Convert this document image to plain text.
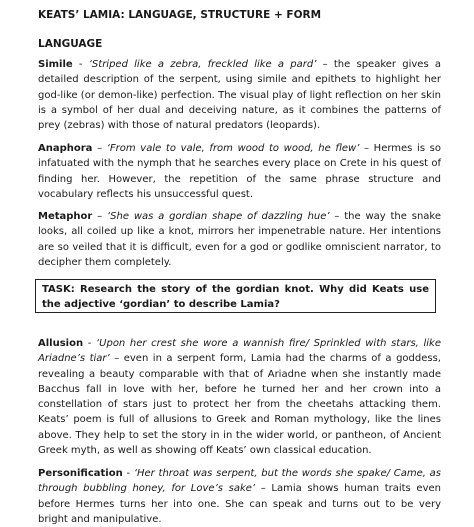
KEATS’ LAMIA: LANGUAGE, STRUCTURE + FORM
LANGUAGE

Simile - ‘Striped like a zebra, freckled like a pard’ – the speaker gives a detailed description of the serpent, using simile and epithets to highlight her god-like (or demon-like) perfection. The visual play of light reflection on her skin is a symbol of her dual and deceiving nature, as it combines the patterns of prey (zebras) with those of natural predators (leopards).

Anaphora – ‘From vale to vale, from wood to wood, he flew’ – Hermes is so infatuated with the nymph that he searches every place on Crete in his quest of finding her. However, the repetition of the same phrase structure and vocabulary reflects his unsuccessful quest.

Metaphor – ‘She was a gordian shape of dazzling hue’ – the way the snake looks, all coiled up like a knot, mirrors her impenetrable nature. Her intentions are so veiled that it is difficult, even for a god or godlike omniscient narrator, to decipher them completely.

TASK: Research the story of the gordian knot. Why did Keats use the adjective ‘gordian’ to describe Lamia?

Allusion - ‘Upon her crest she wore a wannish fire/ Sprinkled with stars, like Ariadne’s tiar’ – even in a serpent form, Lamia had the charms of a goddess, revealing a beauty comparable with that of Ariadne when she instantly made Bacchus fall in love with her, before he turned her and her crown into a constellation of stars just to protect her from the cheetahs attacking them. Keats’ poem is full of allusions to Greek and Roman mythology, like the lines above. They help to set the story in in the wider world, or pantheon, of Ancient Greek myth, as well as showing off Keats’ own classical education.

Personification - ‘Her throat was serpent, but the words she spake/ Came, as through bubbling honey, for Love’s sake’ – Lamia shows human traits even before Hermes turns her into one. She can speak and turns out to be very bright and manipulative.
